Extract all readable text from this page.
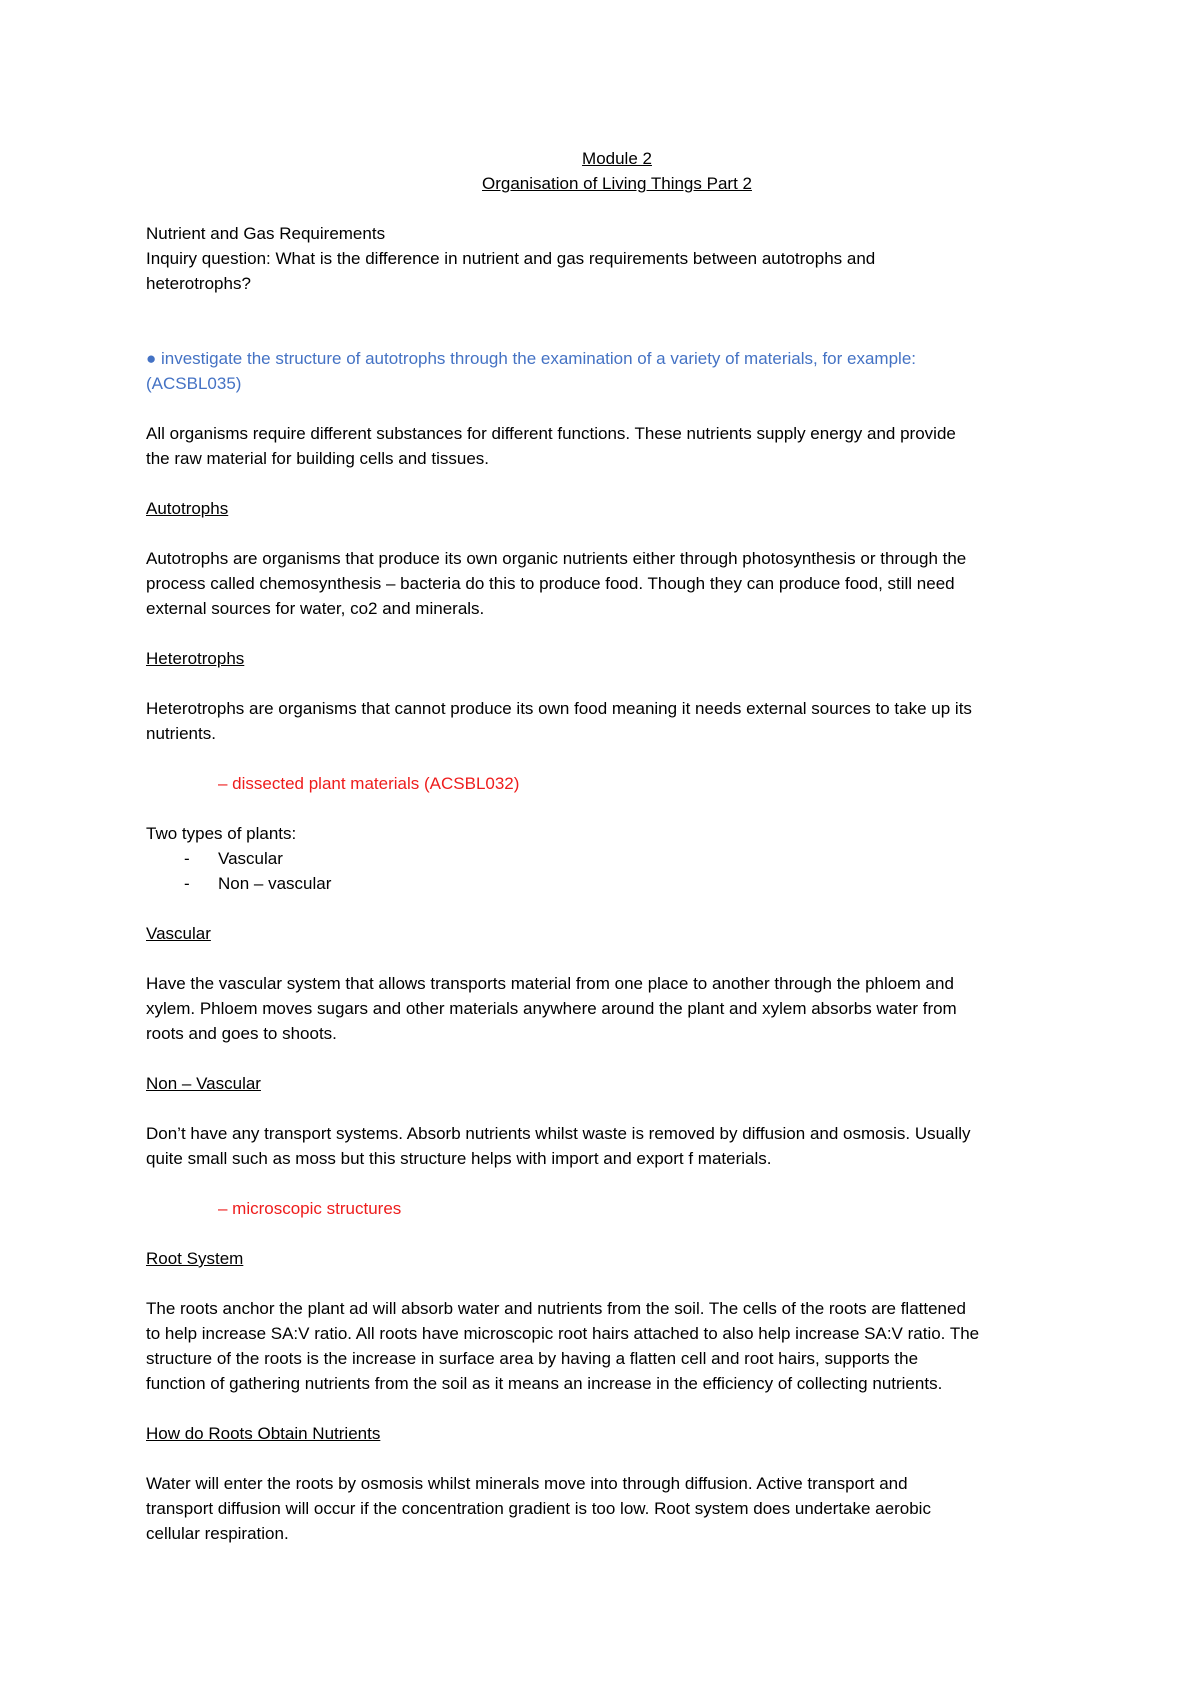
Module 2
Organisation of Living Things Part 2

Nutrient and Gas Requirements

Inquiry question: What is the difference in nutrient and gas requirements between autotrophs and

heterotrophs?

● investigate the structure of autotrophs through the examination of a variety of materials, for example:

(ACSBL035)

All organisms require different substances for different functions. These nutrients supply energy and provide

the raw material for building cells and tissues.

Autotrophs

Autotrophs are organisms that produce its own organic nutrients either through photosynthesis or through the

process called chemosynthesis – bacteria do this to produce food. Though they can produce food, still need

external sources for water, co2 and minerals.

Heterotrophs

Heterotrophs are organisms that cannot produce its own food meaning it needs external sources to take up its

nutrients.

– dissected plant materials (ACSBL032)

Two types of plants:

- Vascular
- Non – vascular

Vascular

Have the vascular system that allows transports material from one place to another through the phloem and

xylem. Phloem moves sugars and other materials anywhere around the plant and xylem absorbs water from

roots and goes to shoots.

Non – Vascular

Don’t have any transport systems. Absorb nutrients whilst waste is removed by diffusion and osmosis. Usually

quite small such as moss but this structure helps with import and export f materials.

– microscopic structures

Root System

The roots anchor the plant ad will absorb water and nutrients from the soil. The cells of the roots are flattened

to help increase SA:V ratio. All roots have microscopic root hairs attached to also help increase SA:V ratio. The

structure of the roots is the increase in surface area by having a flatten cell and root hairs, supports the

function of gathering nutrients from the soil as it means an increase in the efficiency of collecting nutrients.

How do Roots Obtain Nutrients

Water will enter the roots by osmosis whilst minerals move into through diffusion. Active transport and

transport diffusion will occur if the concentration gradient is too low. Root system does undertake aerobic

cellular respiration.
